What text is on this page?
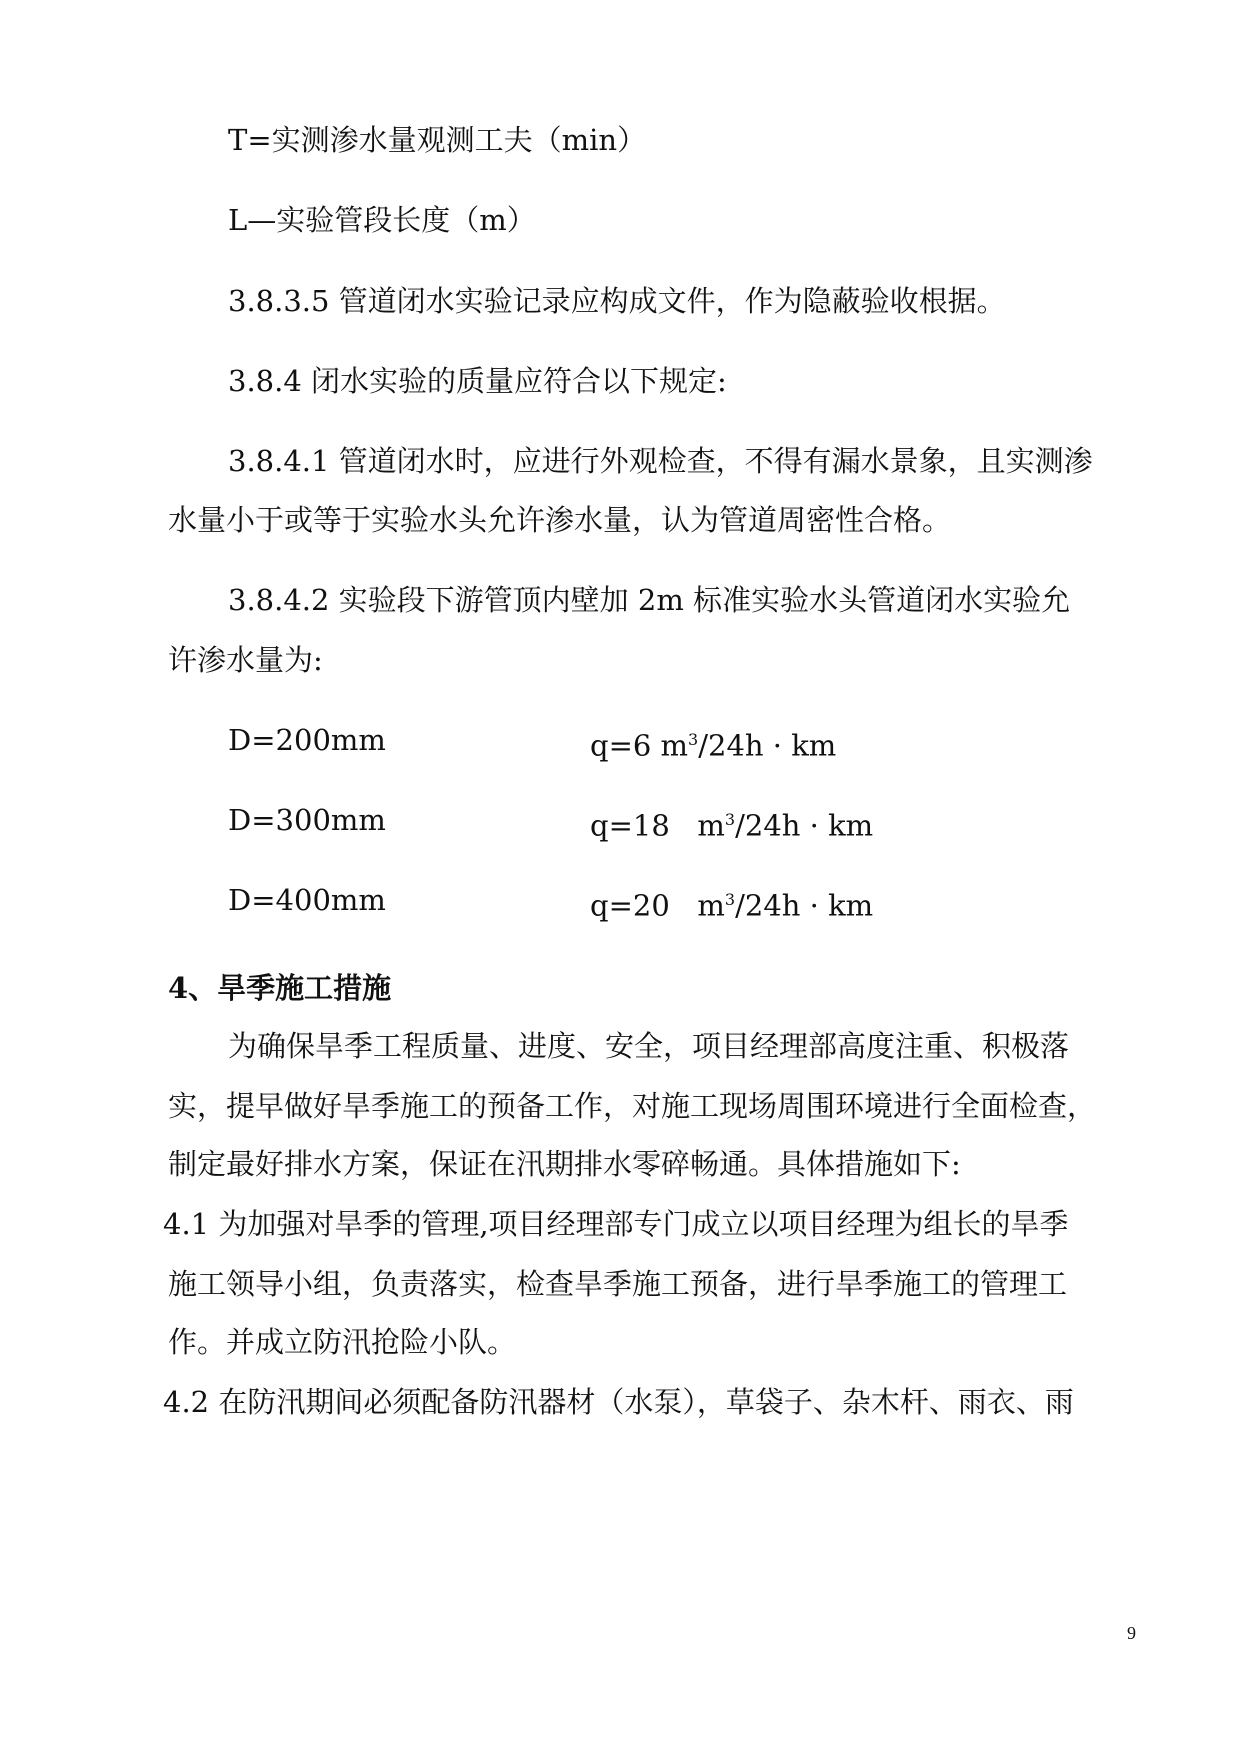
T=实测渗水量观测工夫（min）
L—实验管段长度（m）
3.8.3.5 管道闭水实验记录应构成文件，作为隐蔽验收根据。
3.8.4 闭水实验的质量应符合以下规定:
3.8.4.1 管道闭水时，应进行外观检查，不得有漏水景象，且实测渗
水量小于或等于实验水头允许渗水量，认为管道周密性合格。
3.8.4.2 实验段下游管顶内壁加 2m 标准实验水头管道闭水实验允
许渗水量为:
D=200mm	q=6 $m^3/24h$ · km
D=300mm	q=18   $m^3/24h$ · km
D=400mm	q=20   $m^3/24h$ · km
4、旱季施工措施
为确保旱季工程质量、进度、安全，项目经理部高度注重、积极落
实，提早做好旱季施工的预备工作，对施工现场周围环境进行全面检查，
制定最好排水方案，保证在汛期排水零碎畅通。具体措施如下:
4.1 为加强对旱季的管理,项目经理部专门成立以项目经理为组长的旱季
施工领导小组，负责落实，检查旱季施工预备，进行旱季施工的管理工
作。并成立防汛抢险小队。
4.2 在防汛期间必须配备防汛器材（水泵），草袋子、杂木杆、雨衣、雨
9
